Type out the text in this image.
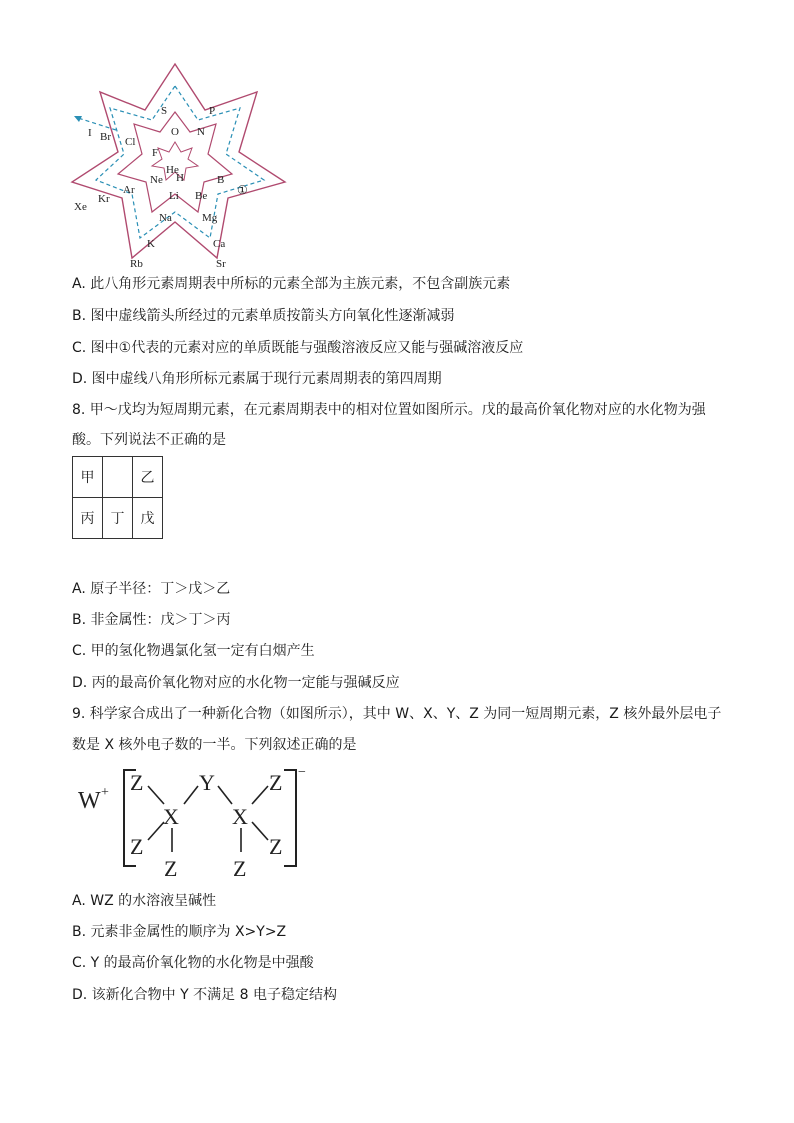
H
He
Li Be
B
N
O
F
Ne
Na	Mg
P
S
Cl
Ar
K	Ca
Br
Kr
Rb	Sr
I
Xe
①
A. 此八角形元素周期表中所标的元素全部为主族元素，不包含副族元素
B. 图中虚线箭头所经过的元素单质按箭头方向氧化性逐渐减弱
C. 图中①代表的元素对应的单质既能与强酸溶液反应又能与强碱溶液反应
D. 图中虚线八角形所标元素属于现行元素周期表的第四周期
8. 甲～戊均为短周期元素，在元素周期表中的相对位置如图所示。戊的最高价氧化物对应的水化物为强
酸。下列说法不正确的是
甲		乙
丙	丁	戊
A. 原子半径：丁＞戊＞乙
B. 非金属性：戊＞丁＞丙
C. 甲的氢化物遇氯化氢一定有白烟产生
D. 丙的最高价氧化物对应的水化物一定能与强碱反应
9. 科学家合成出了一种新化合物（如图所示），其中 W、X、Y、Z 为同一短周期元素，Z 核外最外层电子
数是 X 核外电子数的一半。下列叙述正确的是
W +
−
Z	Y Z
X X
Z	Z
Z	Z
A. WZ 的水溶液呈碱性
B. 元素非金属性的顺序为 X>Y>Z
C. Y 的最高价氧化物的水化物是中强酸
D. 该新化合物中 Y 不满足 8 电子稳定结构
